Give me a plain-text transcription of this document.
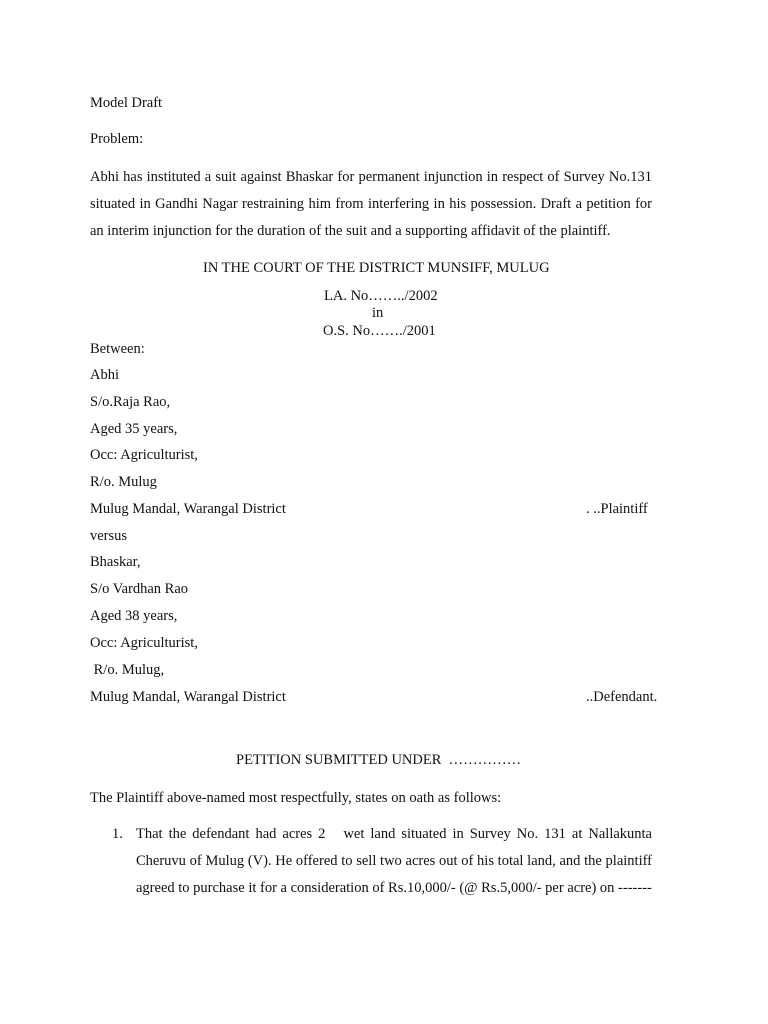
Model Draft
Problem:
Abhi has instituted a suit against Bhaskar for permanent injunction in respect of Survey No.131
situated in Gandhi Nagar restraining him from interfering in his possession. Draft a petition for
an interim injunction for the duration of the suit and a supporting affidavit of the plaintiff.
IN THE COURT OF THE DISTRICT MUNSIFF, MULUG
LA. No……../2002
in
O.S. No……./2001
Between:
Abhi
S/o.Raja Rao,
Aged 35 years,
Occ: Agriculturist,
R/o. Mulug
Mulug Mandal, Warangal District	. ..Plaintiff
versus
Bhaskar,
S/o Vardhan Rao
Aged 38 years,
Occ: Agriculturist,
R/o. Mulug,
Mulug Mandal, Warangal District	..Defendant.
PETITION SUBMITTED UNDER  ……………
The Plaintiff above-named most respectfully, states on oath as follows:
1. That the defendant had acres 2   wet land situated in Survey No. 131 at Nallakunta
Cheruvu of Mulug (V). He offered to sell two acres out of his total land, and the plaintiff
agreed to purchase it for a consideration of Rs.10,000/- (@ Rs.5,000/- per acre) on -------
